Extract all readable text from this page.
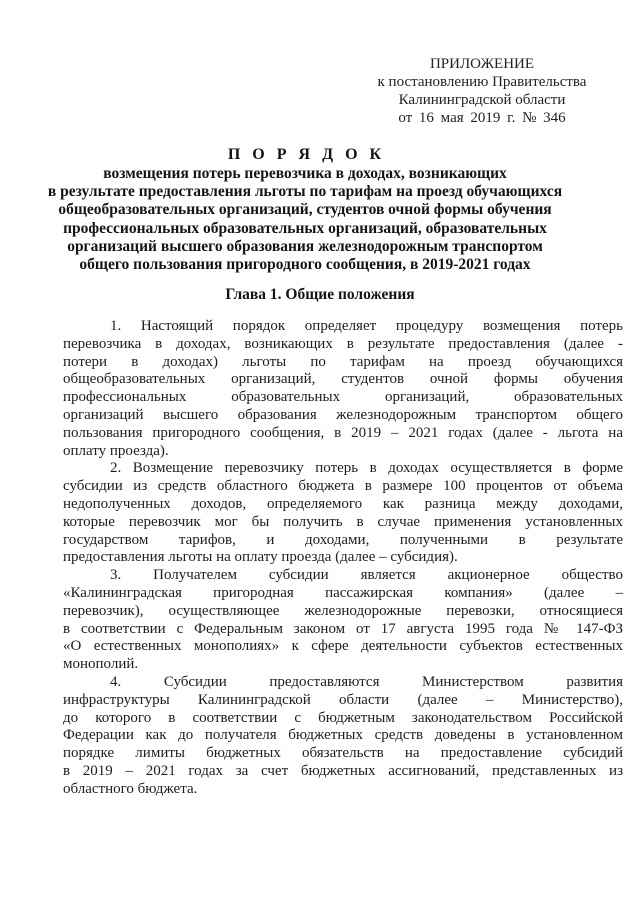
ПРИЛОЖЕНИЕ
к постановлению Правительства
Калининградской области
от 16 мая 2019 г. № 346
П О Р Я Д О К
возмещения потерь перевозчика в доходах, возникающих
в результате предоставления льготы по тарифам на проезд обучающихся
общеобразовательных организаций, студентов очной формы обучения
профессиональных образовательных организаций, образовательных
организаций высшего образования железнодорожным транспортом
общего пользования пригородного сообщения, в 2019-2021 годах
Глава 1. Общие положения
1. Настоящий порядок определяет процедуру возмещения потерь
перевозчика в доходах, возникающих в результате предоставления (далее -
потери в доходах) льготы по тарифам на проезд обучающихся
общеобразовательных организаций, студентов очной формы обучения
профессиональных образовательных организаций, образовательных
организаций высшего образования железнодорожным транспортом общего
пользования пригородного сообщения, в 2019 – 2021 годах (далее - льгота на
оплату проезда).
2. Возмещение перевозчику потерь в доходах осуществляется в форме
субсидии из средств областного бюджета в размере 100 процентов от объема
недополученных доходов, определяемого как разница между доходами,
которые перевозчик мог бы получить в случае применения установленных
государством тарифов, и доходами, полученными в результате
предоставления льготы на оплату проезда (далее – субсидия).
3. Получателем субсидии является акционерное общество
«Калининградская пригородная пассажирская компания» (далее –
перевозчик), осуществляющее железнодорожные перевозки, относящиеся
в соответствии с Федеральным законом от 17 августа 1995 года № 147-ФЗ
«О естественных монополиях» к сфере деятельности субъектов естественных
монополий.
4. Субсидии предоставляются Министерством развития
инфраструктуры Калининградской области (далее – Министерство),
до которого в соответствии с бюджетным законодательством Российской
Федерации как до получателя бюджетных средств доведены в установленном
порядке лимиты бюджетных обязательств на предоставление субсидий
в 2019 – 2021 годах за счет бюджетных ассигнований, представленных из
областного бюджета.
